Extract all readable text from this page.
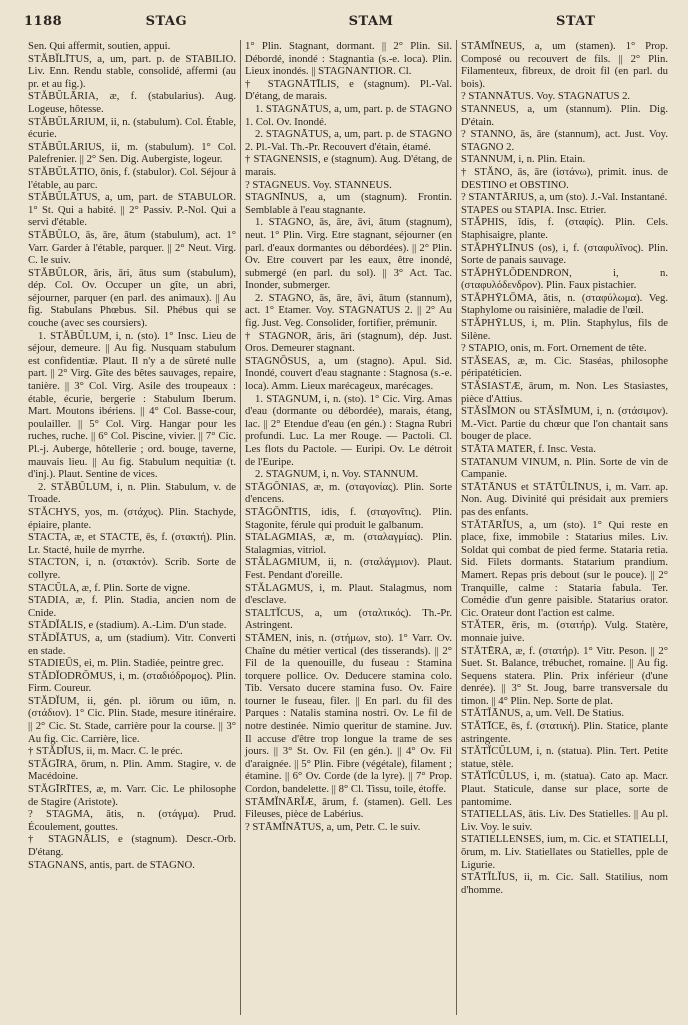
1188	STAG	STAM	STAT

Sen. Qui affermit, soutien, appui.

STĂBĬLĪTUS, a, um, part. p. de STABILIO. Liv. Enn. Rendu stable, consolidé, affermi (au pr. et au fig.).

STĂBŬLĀRIA, æ, f. (stabularius). Aug. Logeuse, hôtesse.

STĂBŬLĀRIUM, ii, n. (stabulum). Col. Étable, écurie.

STĂBŬLĀRIUS, ii, m. (stabulum). 1° Col. Palefrenier. || 2° Sen. Dig. Aubergiste, logeur.

STĂBŬLĀTIO, ōnis, f. (stabulor). Col. Séjour à l'étable, au parc.

STĂBŬLĀTUS, a, um, part. de STABULOR. 1° St. Qui a habité. || 2° Passiv. P.-Nol. Qui a servi d'étable.

STĂBŬLO, ās, āre, ātum (stabulum), act. 1° Varr. Garder à l'étable, parquer. || 2° Neut. Virg. C. le suiv.

STĂBŬLOR, āris, āri, ātus sum (stabulum), dép. Col. Ov. Occuper un gîte, un abri, séjourner, parquer (en parl. des animaux). || Au fig. Stabulans Phœbus. Sil. Phébus qui se couche (avec ses coursiers).

1. STĂBŬLUM, i, n. (sto). 1° Insc. Lieu de séjour, demeure. || Au fig. Nusquam stabulum est confidentiæ. Plaut. Il n'y a de sûreté nulle part. || 2° Virg. Gîte des bêtes sauvages, repaire, tanière. || 3° Col. Virg. Asile des troupeaux : étable, écurie, bergerie : Stabulum Iberum. Mart. Moutons ibériens. || 4° Col. Basse-cour, poulailler. || 5° Col. Virg. Hangar pour les ruches, ruche. || 6° Col. Piscine, vivier. || 7° Cic. Pl.-j. Auberge, hôtellerie ; ord. bouge, taverne, mauvais lieu. || Au fig. Stabulum nequitiæ (t. d'inj.). Plaut. Sentine de vices.

2. STĂBŬLUM, i, n. Plin. Stabulum, v. de Troade.

STĂCHYS, yos, m. (στάχυς). Plin. Stachyde, épiaire, plante.

STACTA, æ, et STACTE, ēs, f. (στακτή). Plin. Lr. Stacté, huile de myrrhe.

STACTON, i, n. (στακτόν). Scrib. Sorte de collyre.

STACŬLA, æ, f. Plin. Sorte de vigne.

STADIA, æ, f. Plin. Stadia, ancien nom de Cnide.

STĂDĬĀLIS, e (stadium). A.-Lim. D'un stade.

STĂDĬĀTUS, a, um (stadium). Vitr. Converti en stade.

STADIEŪS, ei, m. Plin. Stadiée, peintre grec.

STĂDĬODRŎMUS, i, m. (σταδιόδρομος). Plin. Firm. Coureur.

STĂDĬUM, ii, gén. pl. iōrum ou iūm, n. (στάδιον). 1° Cic. Plin. Stade, mesure itinéraire. || 2° Cic. St. Stade, carrière pour la course. || 3° Au fig. Cic. Carrière, lice.

† STĂDĬUS, ii, m. Macr. C. le préc.

STĂGĪRA, ōrum, n. Plin. Amm. Stagire, v. de Macédoine.

STĂGĪRĪTES, æ, m. Varr. Cic. Le philosophe de Stagire (Aristote).

? STAGMA, ătis, n. (στάγμα). Prud. Écoulement, gouttes.

† STAGNĀLIS, e (stagnum). Descr.-Orb. D'étang.

STAGNANS, antis, part. de STAGNO.

1° Plin. Stagnant, dormant. || 2° Plin. Sil. Débordé, inondé : Stagnantia (s.-e. loca). Plin. Lieux inondés. || STAGNANTIOR. Cl.

† STAGNĀTĪLIS, e (stagnum). Pl.-Val. D'étang, de marais.

1. STAGNĀTUS, a, um, part. p. de STAGNO 1. Col. Ov. Inondé.

2. STAGNĀTUS, a, um, part. p. de STAGNO 2. Pl.-Val. Th.-Pr. Recouvert d'étain, étamé.

† STAGNENSIS, e (stagnum). Aug. D'étang, de marais.

? STAGNEUS. Voy. STANNEUS.

STAGNĪNUS, a, um (stagnum). Frontin. Semblable à l'eau stagnante.

1. STAGNO, ās, āre, āvi, ātum (stagnum), neut. 1° Plin. Virg. Etre stagnant, séjourner (en parl. d'eaux dormantes ou débordées). || 2° Plin. Ov. Etre couvert par les eaux, être inondé, submergé (en parl. du sol). || 3° Act. Tac. Inonder, submerger.

2. STAGNO, ās, āre, āvi, ātum (stannum), act. 1° Etamer. Voy. STAGNATUS 2. || 2° Au fig. Just. Veg. Consolider, fortifier, prémunir.

† STAGNOR, āris, āri (stagnum), dép. Just. Oros. Demeurer stagnant.

STAGNŌSUS, a, um (stagno). Apul. Sid. Inondé, couvert d'eau stagnante : Stagnosa (s.-e. loca). Amm. Lieux marécageux, marécages.

1. STAGNUM, i, n. (sto). 1° Cic. Virg. Amas d'eau (dormante ou débordée), marais, étang, lac. || 2° Etendue d'eau (en gén.) : Stagna Rubri profundi. Luc. La mer Rouge. — Pactoli. Cl. Les flots du Pactole. — Euripi. Ov. Le détroit de l'Euripe.

2. STAGNUM, i, n. Voy. STANNUM.

STĀGŌNIAS, æ, m. (σταγονίας). Plin. Sorte d'encens.

STĀGŌNĪTIS, idis, f. (σταγονῖτις). Plin. Stagonite, férule qui produit le galbanum.

STALAGMIAS, æ, m. (σταλαγμίας). Plin. Stalagmias, vitriol.

STĂLAGMIUM, ii, n. (σταλάγμιον). Plaut. Fest. Pendant d'oreille.

STĂLAGMUS, i, m. Plaut. Stalagmus, nom d'esclave.

STALTĬCUS, a, um (σταλτικός). Th.-Pr. Astringent.

STĀMEN, inis, n. (στήμων, sto). 1° Varr. Ov. Chaîne du métier vertical (des tisserands). || 2° Fil de la quenouille, du fuseau : Stamina torquere pollice. Ov. Deducere stamina colo. Tib. Versato ducere stamina fuso. Ov. Faire tourner le fuseau, filer. || En parl. du fil des Parques : Natalis stamina nostri. Ov. Le fil de notre destinée. Nimio queritur de stamine. Juv. Il accuse d'être trop longue la trame de ses jours. || 3° St. Ov. Fil (en gén.). || 4° Ov. Fil d'araignée. || 5° Plin. Fibre (végétale), filament ; étamine. || 6° Ov. Corde (de la lyre). || 7° Prop. Cordon, bandelette. || 8° Cl. Tissu, toile, étoffe.

STĀMĬNĀRĬÆ, ārum, f. (stamen). Gell. Les Fileuses, pièce de Labérius.

? STĀMĬNĀTUS, a, um, Petr. C. le suiv.

STĀMĬNEUS, a, um (stamen). 1° Prop. Composé ou recouvert de fils. || 2° Plin. Filamenteux, fibreux, de droit fil (en parl. du bois).

? STANNĀTUS. Voy. STAGNATUS 2.

STANNEUS, a, um (stannum). Plin. Dig. D'étain.

? STANNO, ās, āre (stannum), act. Just. Voy. STAGNO 2.

STANNUM, i, n. Plin. Etain.

† STĂNO, ās, āre (ἱστάνω), primit. inus. de DESTINO et OBSTINO.

? STANTĀRIUS, a, um (sto). J.-Val. Instantané.

STAPES ou STAPIA. Insc. Etrier.

STĂPHIS, ĭdis, f. (σταφίς). Plin. Cels. Staphisaigre, plante.

STĂPHȲLĪNUS (os), i, f. (σταφυλῖνος). Plin. Sorte de panais sauvage.

STĂPHȲLŎDENDRON, i, n. (σταφυλόδενδρον). Plin. Faux pistachier.

STĂPHȲLŌMA, ătis, n. (σταφύλωμα). Veg. Staphylome ou raisinière, maladie de l'œil.

STĂPHȲLUS, i, m. Plin. Staphylus, fils de Silène.

? STAPIO, onis, m. Fort. Ornement de tête.

STĂSEAS, æ, m. Cic. Staséas, philosophe péripatéticien.

STĂSIASTÆ, ārum, m. Non. Les Stasiastes, pièce d'Attius.

STĂSĬMON ou STĂSĬMUM, i, n. (στάσιμον). M.-Vict. Partie du chœur que l'on chantait sans bouger de place.

STĀTA MATER, f. Insc. Vesta.

STATANUM VINUM, n. Plin. Sorte de vin de Campanie.

STĀTĀNUS et STĀTŪLĪNUS, i, m. Varr. ap. Non. Aug. Divinité qui présidait aux premiers pas des enfants.

STĂTĀRĬUS, a, um (sto). 1° Qui reste en place, fixe, immobile : Statarius miles. Liv. Soldat qui combat de pied ferme. Stataria retia. Sid. Filets dormants. Statarium prandium. Mamert. Repas pris debout (sur le pouce). || 2° Tranquille, calme : Stataria fabula. Ter. Comédie d'un genre paisible. Statarius orator. Cic. Orateur dont l'action est calme.

STĂTER, ēris, m. (στατήρ). Vulg. Statère, monnaie juive.

STĂTĒRA, æ, f. (στατήρ). 1° Vitr. Peson. || 2° Suet. St. Balance, trébuchet, romaine. || Au fig. Sequens statera. Plin. Prix inférieur (d'une denrée). || 3° St. Joug, barre transversale du timon. || 4° Plin. Nep. Sorte de plat.

STĂTĬĀNUS, a, um. Vell. De Statius.

STĂTĪCE, ēs, f. (στατική). Plin. Statice, plante astringente.

STĂTĬCŬLUM, i, n. (statua). Plin. Tert. Petite statue, stèle.

STĂTĬCŬLUS, i, m. (statua). Cato ap. Macr. Plaut. Staticule, danse sur place, sorte de pantomime.

STATIELLAS, ātis. Liv. Des Statielles. || Au pl. Liv. Voy. le suiv.

STATIELLENSES, ium, m. Cic. et STATIELLI, ōrum, m. Liv. Statiellates ou Statielles, pple de Ligurie.

STĀTĬLĬUS, ii, m. Cic. Sall. Statilius, nom d'homme.
